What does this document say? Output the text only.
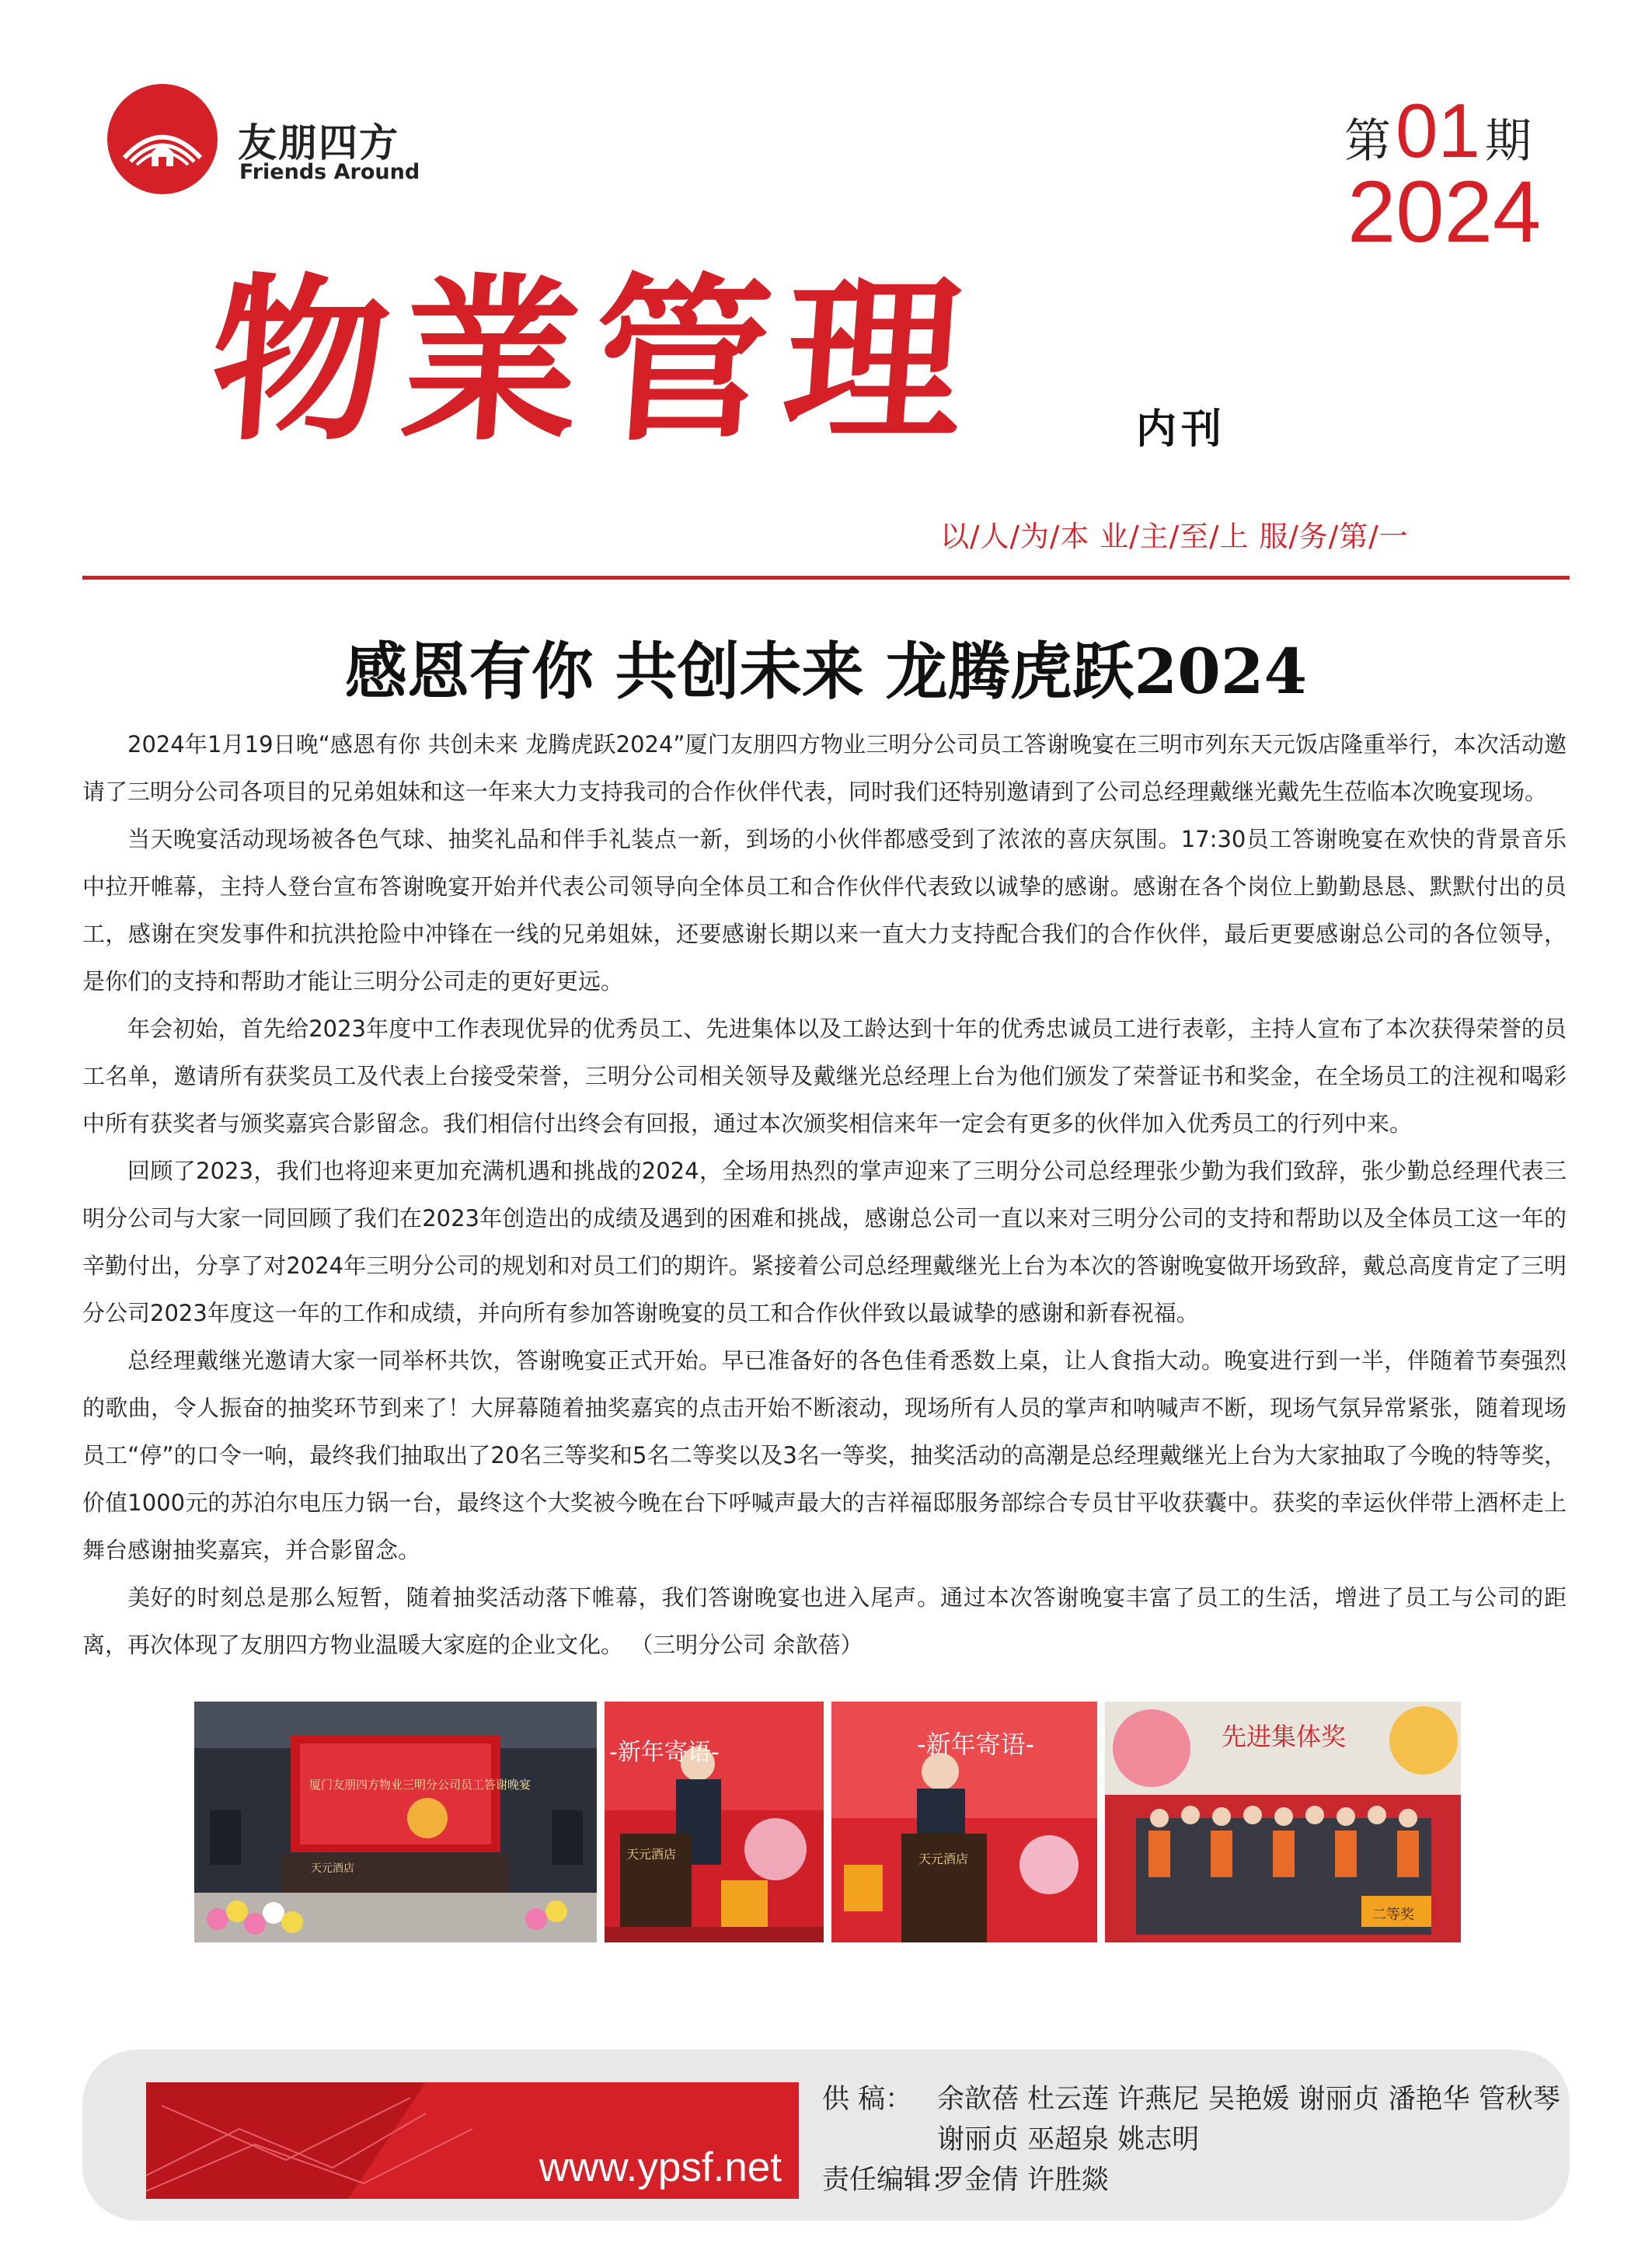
友朋四方
Friends Around
第01 期
2024
物業管理	内刊
以/人/为/本 业/主/至/上 服/务/第/一
感恩有你 共创未来 龙腾虎跃2024

2024年1月19日晚“感恩有你 共创未来 龙腾虎跃2024”厦门友朋四方物业三明分公司员工答谢晚宴在三明市列东天元饭店隆重举行，本次活动邀请了三明分公司各项目的兄弟姐妹和这一年来大力支持我司的合作伙伴代表，同时我们还特别邀请到了公司总经理戴继光戴先生莅临本次晚宴现场。

当天晚宴活动现场被各色气球、抽奖礼品和伴手礼装点一新，到场的小伙伴都感受到了浓浓的喜庆氛围。17:30员工答谢晚宴在欢快的背景音乐中拉开帷幕，主持人登台宣布答谢晚宴开始并代表公司领导向全体员工和合作伙伴代表致以诚挚的感谢。感谢在各个岗位上勤勤恳恳、默默付出的员工，感谢在突发事件和抗洪抢险中冲锋在一线的兄弟姐妹，还要感谢长期以来一直大力支持配合我们的合作伙伴，最后更要感谢总公司的各位领导，是你们的支持和帮助才能让三明分公司走的更好更远。

年会初始，首先给2023年度中工作表现优异的优秀员工、先进集体以及工龄达到十年的优秀忠诚员工进行表彰，主持人宣布了本次获得荣誉的员工名单，邀请所有获奖员工及代表上台接受荣誉，三明分公司相关领导及戴继光总经理上台为他们颁发了荣誉证书和奖金，在全场员工的注视和喝彩中所有获奖者与颁奖嘉宾合影留念。我们相信付出终会有回报，通过本次颁奖相信来年一定会有更多的伙伴加入优秀员工的行列中来。

回顾了2023，我们也将迎来更加充满机遇和挑战的2024，全场用热烈的掌声迎来了三明分公司总经理张少勤为我们致辞，张少勤总经理代表三明分公司与大家一同回顾了我们在2023年创造出的成绩及遇到的困难和挑战，感谢总公司一直以来对三明分公司的支持和帮助以及全体员工这一年的辛勤付出，分享了对2024年三明分公司的规划和对员工们的期许。紧接着公司总经理戴继光上台为本次的答谢晚宴做开场致辞，戴总高度肯定了三明分公司2023年度这一年的工作和成绩，并向所有参加答谢晚宴的员工和合作伙伴致以最诚挚的感谢和新春祝福。

总经理戴继光邀请大家一同举杯共饮，答谢晚宴正式开始。早已准备好的各色佳肴悉数上桌，让人食指大动。晚宴进行到一半，伴随着节奏强烈的歌曲，令人振奋的抽奖环节到来了！大屏幕随着抽奖嘉宾的点击开始不断滚动，现场所有人员的掌声和呐喊声不断，现场气氛异常紧张，随着现场员工“停”的口令一响，最终我们抽取出了20名三等奖和5名二等奖以及3名一等奖，抽奖活动的高潮是总经理戴继光上台为大家抽取了今晚的特等奖，价值1000元的苏泊尔电压力锅一台，最终这个大奖被今晚在台下呼喊声最大的吉祥福邸服务部综合专员甘平收获囊中。获奖的幸运伙伴带上酒杯走上舞台感谢抽奖嘉宾，并合影留念。

美好的时刻总是那么短暂，随着抽奖活动落下帷幕，我们答谢晚宴也进入尾声。通过本次答谢晚宴丰富了员工的生活，增进了员工与公司的距离，再次体现了友朋四方物业温暖大家庭的企业文化。 （三明分公司 余歆蓓）

厦门友朋四方物业三明分公司员工答谢晚宴
天元酒店
-新年寄语-
天元酒店
-新年寄语-
天元酒店
先进集体奖
二等奖
www.ypsf.net
供 稿： 余歆蓓 杜云莲 许燕尼 吴艳媛 谢丽贞 潘艳华 管秋琴
谢丽贞 巫超泉 姚志明
责任编辑：罗金倩 许胜燚
